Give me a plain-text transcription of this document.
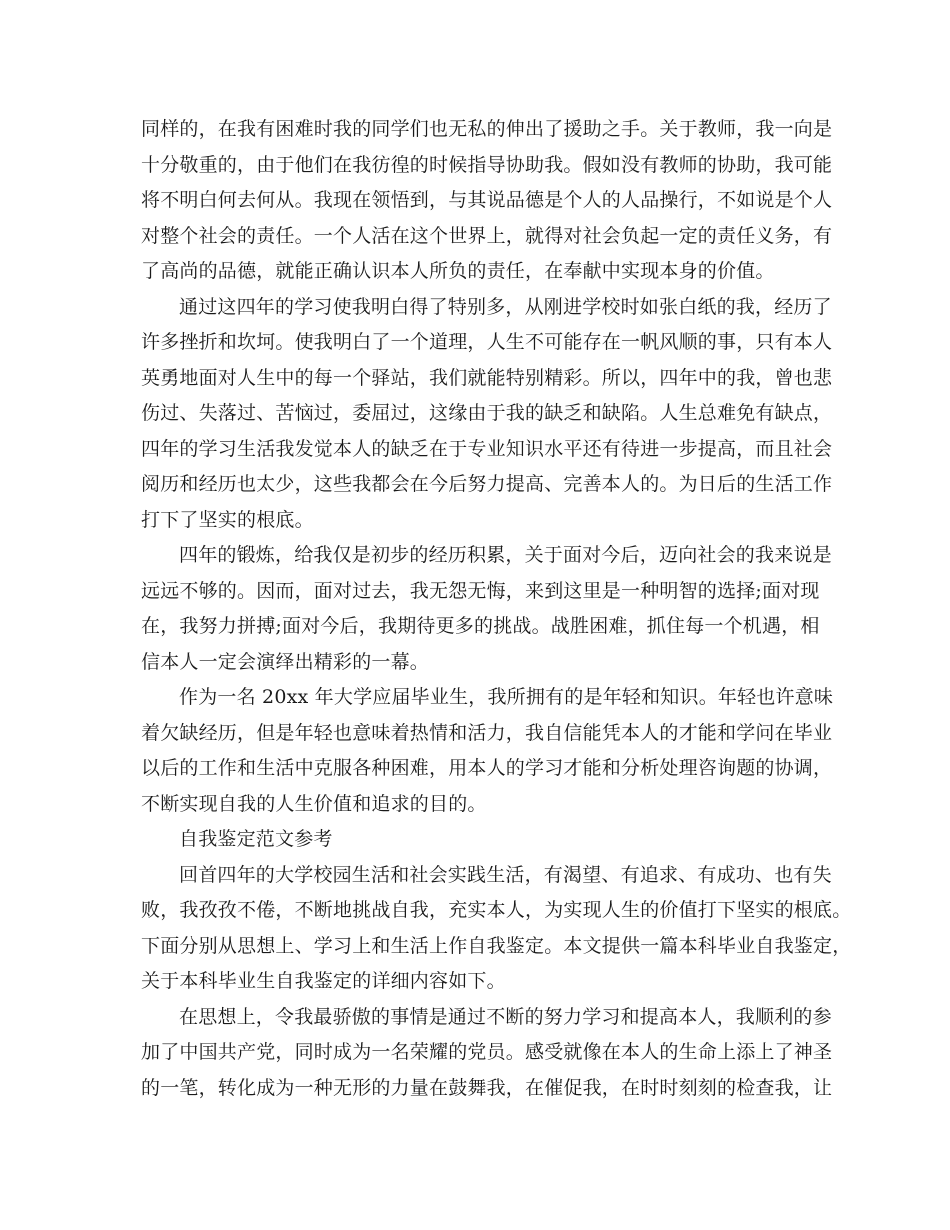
同样的，在我有困难时我的同学们也无私的伸出了援助之手。关于教师，我一向是
十分敬重的，由于他们在我彷徨的时候指导协助我。假如没有教师的协助，我可能
将不明白何去何从。我现在领悟到，与其说品德是个人的人品操行，不如说是个人
对整个社会的责任。一个人活在这个世界上，就得对社会负起一定的责任义务，有
了高尚的品德，就能正确认识本人所负的责任，在奉献中实现本身的价值。
通过这四年的学习使我明白得了特别多，从刚进学校时如张白纸的我，经历了
许多挫折和坎坷。使我明白了一个道理，人生不可能存在一帆风顺的事，只有本人
英勇地面对人生中的每一个驿站，我们就能特别精彩。所以，四年中的我，曾也悲
伤过、失落过、苦恼过，委屈过，这缘由于我的缺乏和缺陷。人生总难免有缺点，
四年的学习生活我发觉本人的缺乏在于专业知识水平还有待进一步提高，而且社会
阅历和经历也太少，这些我都会在今后努力提高、完善本人的。为日后的生活工作
打下了坚实的根底。
四年的锻炼，给我仅是初步的经历积累，关于面对今后，迈向社会的我来说是
远远不够的。因而，面对过去，我无怨无悔，来到这里是一种明智的选择;面对现
在，我努力拼搏;面对今后，我期待更多的挑战。战胜困难，抓住每一个机遇，相
信本人一定会演绎出精彩的一幕。
作为一名 20xx 年大学应届毕业生，我所拥有的是年轻和知识。年轻也许意味
着欠缺经历，但是年轻也意味着热情和活力，我自信能凭本人的才能和学问在毕业
以后的工作和生活中克服各种困难，用本人的学习才能和分析处理咨询题的协调，
不断实现自我的人生价值和追求的目的。
自我鉴定范文参考
回首四年的大学校园生活和社会实践生活，有渴望、有追求、有成功、也有失
败，我孜孜不倦，不断地挑战自我，充实本人，为实现人生的价值打下坚实的根底。
下面分别从思想上、学习上和生活上作自我鉴定。本文提供一篇本科毕业自我鉴定，
关于本科毕业生自我鉴定的详细内容如下。
在思想上，令我最骄傲的事情是通过不断的努力学习和提高本人，我顺利的参
加了中国共产党，同时成为一名荣耀的党员。感受就像在本人的生命上添上了神圣
的一笔，转化成为一种无形的力量在鼓舞我，在催促我，在时时刻刻的检查我，让
